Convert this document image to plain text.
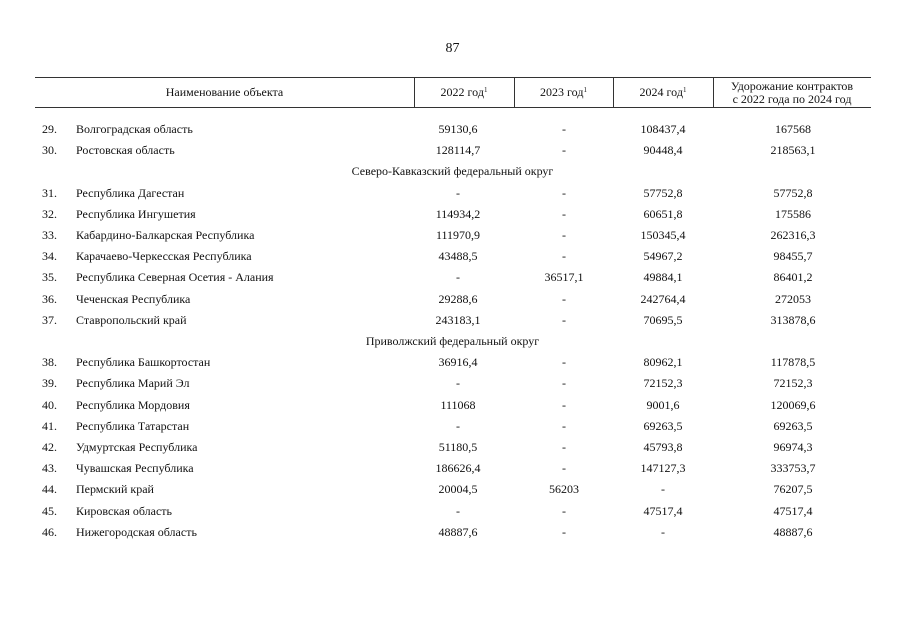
87
Наименование объекта	2022 год$^1$	2023 год$^1$	2024 год$^1$	Удорожание контрактов
с 2022 года по 2024 год
29. Волгоградская область	59130,6	-	108437,4	167568
30. Ростовская область	128114,7	-	90448,4	218563,1
Северо-Кавказский федеральный округ
31. Республика Дагестан	-	-	57752,8	57752,8
32. Республика Ингушетия	114934,2	-	60651,8	175586
33. Кабардино-Балкарская Республика	111970,9	-	150345,4	262316,3
34. Карачаево-Черкесская Республика	43488,5	-	54967,2	98455,7
35. Республика Северная Осетия - Алания	-	36517,1	49884,1	86401,2
36. Чеченская Республика	29288,6	-	242764,4	272053
37. Ставропольский край	243183,1	-	70695,5	313878,6
Приволжский федеральный округ
38. Республика Башкортостан	36916,4	-	80962,1	117878,5
39. Республика Марий Эл	-	-	72152,3	72152,3
40. Республика Мордовия	111068	-	9001,6	120069,6
41. Республика Татарстан	-	-	69263,5	69263,5
42. Удмуртская Республика	51180,5	-	45793,8	96974,3
43. Чувашская Республика	186626,4	-	147127,3	333753,7
44. Пермский край	20004,5	56203	-	76207,5
45. Кировская область	-	-	47517,4	47517,4
46. Нижегородская область	48887,6	-	-	48887,6
